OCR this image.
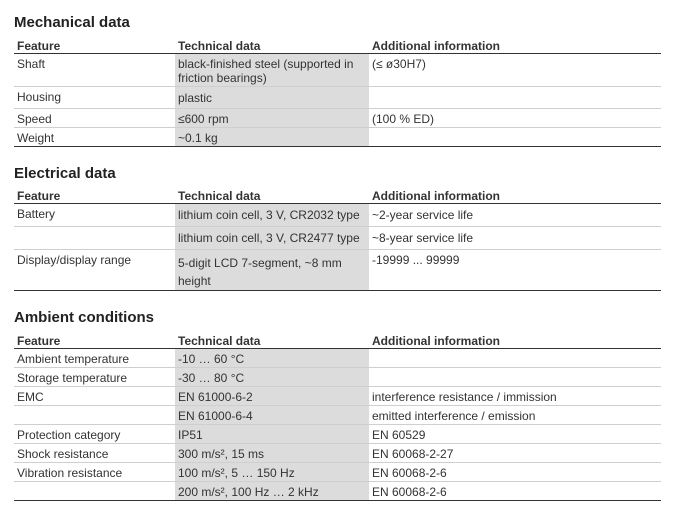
Mechanical data
Feature	Technical data	Additional information
Shaft	black-finished steel (supported in friction bearings)	(≤ ø30H7)
Housing	plastic	
Speed	≤600 rpm	(100 % ED)
Weight	~0.1 kg	
Electrical data
Feature	Technical data	Additional information
Battery	lithium coin cell, 3 V, CR2032 type	~2-year service life
	lithium coin cell, 3 V, CR2477 type	~8-year service life
Display/display range	5-digit LCD 7-segment, ~8 mm height	-19999 ... 99999
Ambient conditions
Feature	Technical data	Additional information
Ambient temperature	-10 … 60 °C	
Storage temperature	-30 … 80 °C	
EMC	EN 61000-6-2	interference resistance / immission
	EN 61000-6-4	emitted interference / emission
Protection category	IP51	EN 60529
Shock resistance	300 m/s², 15 ms	EN 60068-2-27
Vibration resistance	100 m/s², 5 … 150 Hz	EN 60068-2-6
	200 m/s², 100 Hz … 2 kHz	EN 60068-2-6
